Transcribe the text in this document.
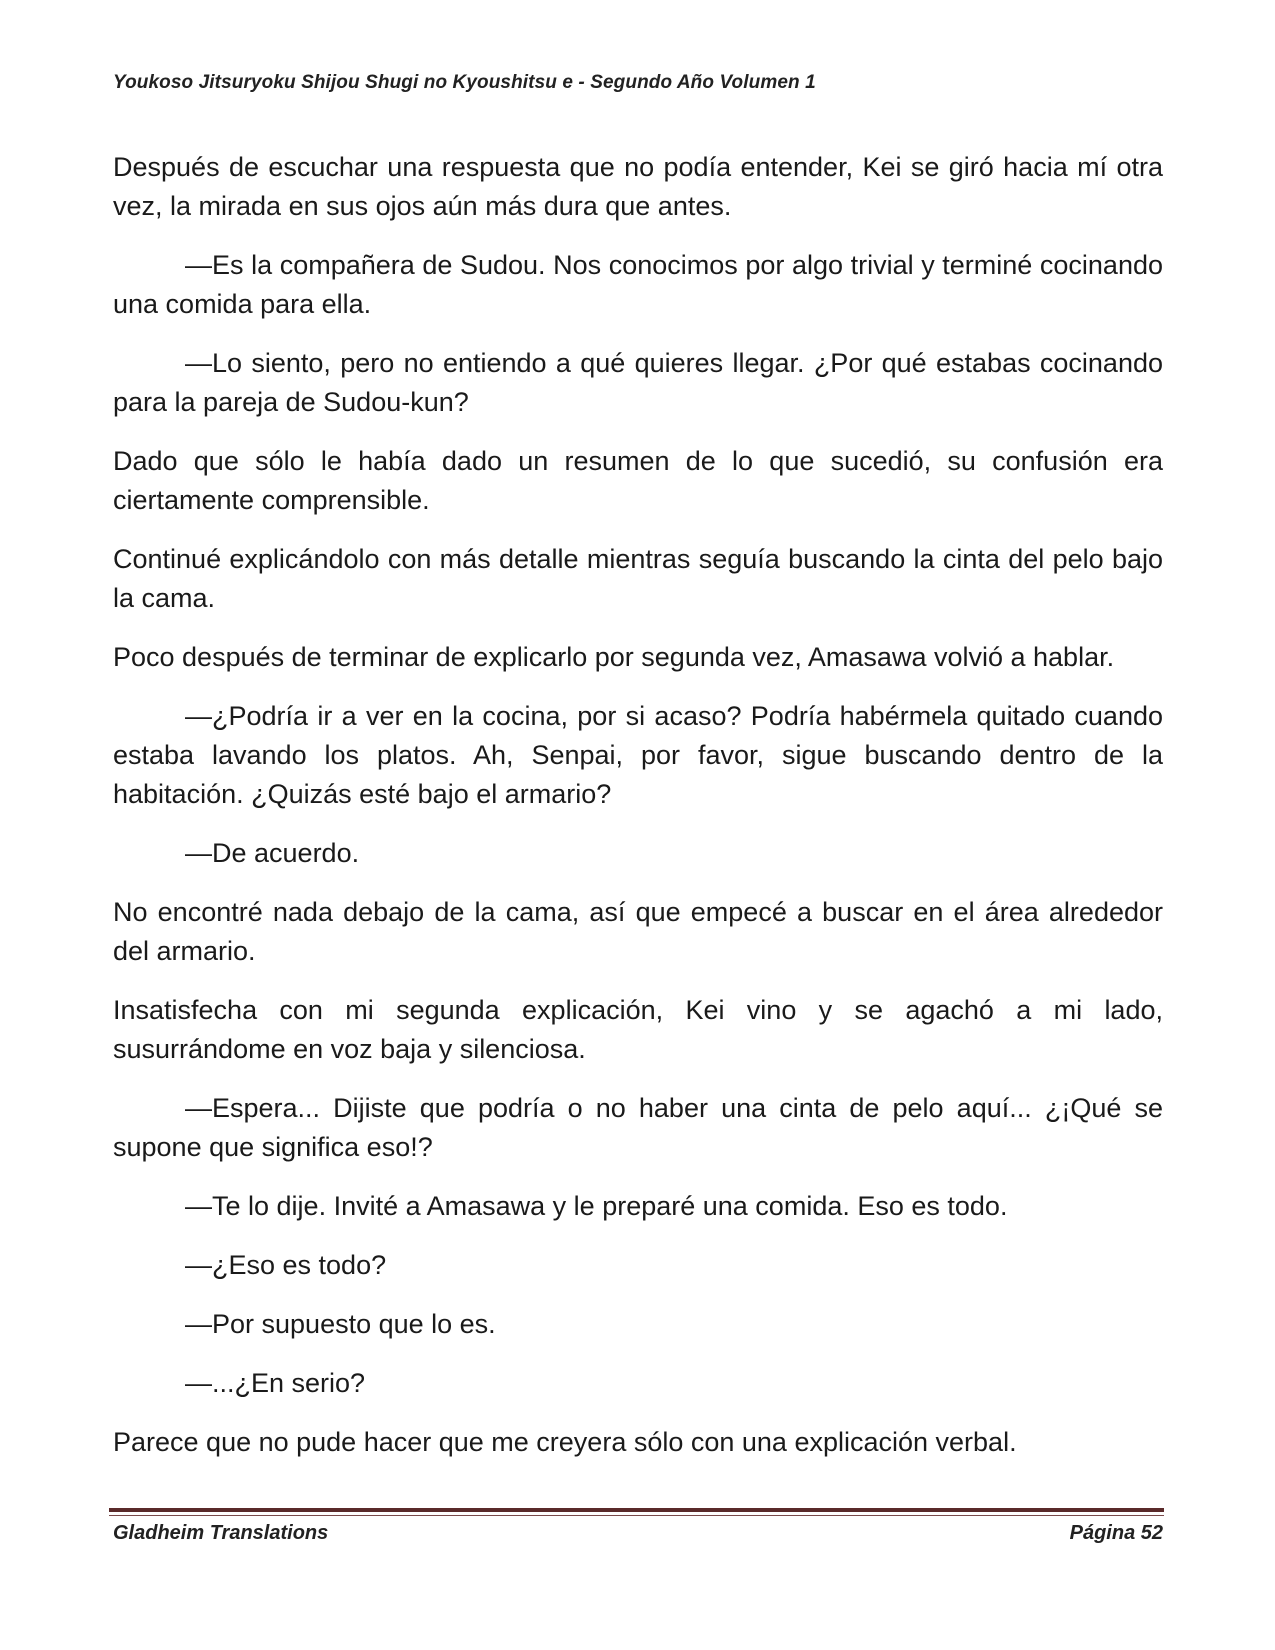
Youkoso Jitsuryoku Shijou Shugi no Kyoushitsu e - Segundo Año Volumen 1

Después de escuchar una respuesta que no podía entender, Kei se giró hacia mí otra vez, la mirada en sus ojos aún más dura que antes.

—Es la compañera de Sudou. Nos conocimos por algo trivial y terminé cocinando una comida para ella.

—Lo siento, pero no entiendo a qué quieres llegar. ¿Por qué estabas cocinando para la pareja de Sudou-kun?

Dado que sólo le había dado un resumen de lo que sucedió, su confusión era ciertamente comprensible.

Continué explicándolo con más detalle mientras seguía buscando la cinta del pelo bajo la cama.

Poco después de terminar de explicarlo por segunda vez, Amasawa volvió a hablar.

—¿Podría ir a ver en la cocina, por si acaso? Podría habérmela quitado cuando estaba lavando los platos. Ah, Senpai, por favor, sigue buscando dentro de la habitación. ¿Quizás esté bajo el armario?

—De acuerdo.

No encontré nada debajo de la cama, así que empecé a buscar en el área alrededor del armario.

Insatisfecha con mi segunda explicación, Kei vino y se agachó a mi lado, susurrándome en voz baja y silenciosa.

—Espera... Dijiste que podría o no haber una cinta de pelo aquí... ¿¡Qué se supone que significa eso!?

—Te lo dije. Invité a Amasawa y le preparé una comida. Eso es todo.

—¿Eso es todo?

—Por supuesto que lo es.

—...¿En serio?

Parece que no pude hacer que me creyera sólo con una explicación verbal.

Gladheim Translations	Página 52
